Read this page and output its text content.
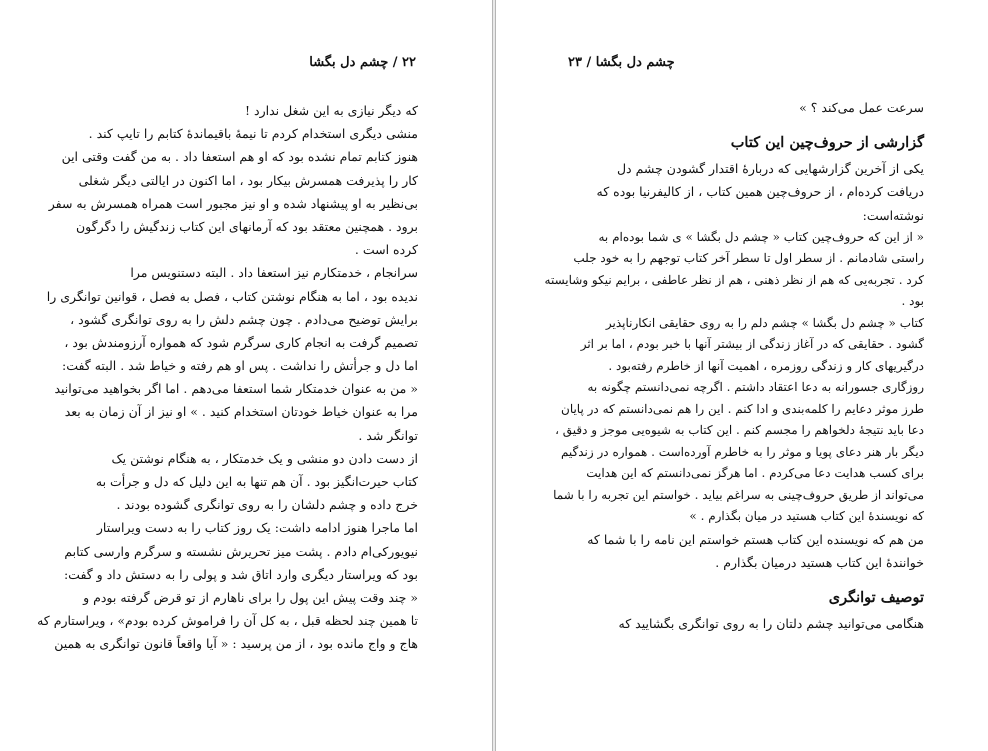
۲۲ / چشم دل بگشا
که دیگر نیازی به این شغل ندارد !
منشی دیگری استخدام کردم تا نیمهٔ باقیماندهٔ کتابم را تایپ کند .
هنوز کتابم تمام نشده بود که او هم استعفا داد . به من گفت وقتی این
کار را پذیرفت همسرش بیکار بود ، اما اکنون در ایالتی دیگر شغلی
بی‌نظیر به او پیشنهاد شده و او نیز مجبور است همراه همسرش به سفر
برود . همچنین معتقد بود که آرمانهای این کتاب زندگیش را دگرگون
کرده است .
سرانجام ، خدمتکارم نیز استعفا داد . البته دستنویس مرا
ندیده بود ، اما به هنگام نوشتن کتاب ، فصل به فصل ، قوانین توانگری را
برایش توضیح می‌دادم . چون چشم دلش را به روی توانگری گشود ،
تصمیم گرفت به انجام کاری سرگرم شود که همواره آرزومندش بود ،
اما دل و جرأتش را نداشت . پس او هم رفته و خیاط شد . البته گفت:
« من به عنوان خدمتکار شما استعفا می‌دهم . اما اگر بخواهید می‌توانید
مرا به عنوان خیاط خودتان استخدام کنید . » او نیز از آن زمان به بعد
توانگر شد .
از دست دادن دو منشی و یک خدمتکار ، به هنگام نوشتن یک
کتاب حیرت‌انگیز بود . آن هم تنها به این دلیل که دل و جرأت به
خرج داده و چشم دلشان را به روی توانگری گشوده بودند .
اما ماجرا هنوز ادامه داشت: یک روز کتاب را به دست ویراستار
نیویورکی‌ام دادم . پشت میز تحریرش نشسته و سرگرم وارسی کتابم
بود که ویراستار دیگری وارد اتاق شد و پولی را به دستش داد و گفت:
« چند وقت پیش این پول را برای ناهارم از تو قرض گرفته بودم و
تا همین چند لحظه قبل ، به کل آن را فراموش کرده بودم» ، ویراستارم که
هاج و واج مانده بود ، از من پرسید : « آیا واقعاً قانون توانگری به همین
چشم دل بگشا / ۲۳
سرعت عمل می‌کند ؟ »
گزارشی از حروف‌چین این کتاب
یکی از آخرین گزارشهایی که دربارهٔ اقتدار گشودن چشم دل
دریافت کرده‌ام ، از حروف‌چین همین کتاب ، از کالیفرنیا بوده که
نوشته‌است:
« از این که حروف‌چین کتاب « چشم دل بگشا » ی شما بوده‌ام به
راستی شادمانم . از سطر اول تا سطر آخر کتاب توجهم را به خود جلب
کرد . تجربه‌یی که هم از نظر ذهنی ، هم از نظر عاطفی ، برایم نیکو وشایسته
بود .
کتاب « چشم دل بگشا » چشم دلم را به روی حقایقی انکارناپذیر
گشود . حقایقی که در آغاز زندگی از بیشتر آنها با خبر بودم ، اما بر اثر
درگیریهای کار و زندگی روزمره ، اهمیت آنها از خاطرم رفته‌بود .
روزگاری جسورانه به دعا اعتقاد داشتم . اگرچه نمی‌دانستم چگونه به
طرز موثر دعایم را کلمه‌بندی و ادا کنم . این را هم نمی‌دانستم که در پایان
دعا باید نتیجهٔ دلخواهم را مجسم کنم . این کتاب به شیوه‌یی موجز و دقیق ،
دیگر بار هنر دعای پویا و موثر را به خاطرم آورده‌است . همواره در زندگیم
برای کسب هدایت دعا می‌کردم . اما هرگز نمی‌دانستم که این هدایت
می‌تواند از طریق حروف‌چینی به سراغم بیاید . خواستم این تجربه را با شما
که نویسندهٔ این کتاب هستید در میان بگذارم . »
من هم که نویسنده این کتاب هستم خواستم این نامه را با شما که
خوانندهٔ این کتاب هستید درمیان بگذارم .
توصیف توانگری
هنگامی می‌توانید چشم دلتان را به روی توانگری بگشایید که
